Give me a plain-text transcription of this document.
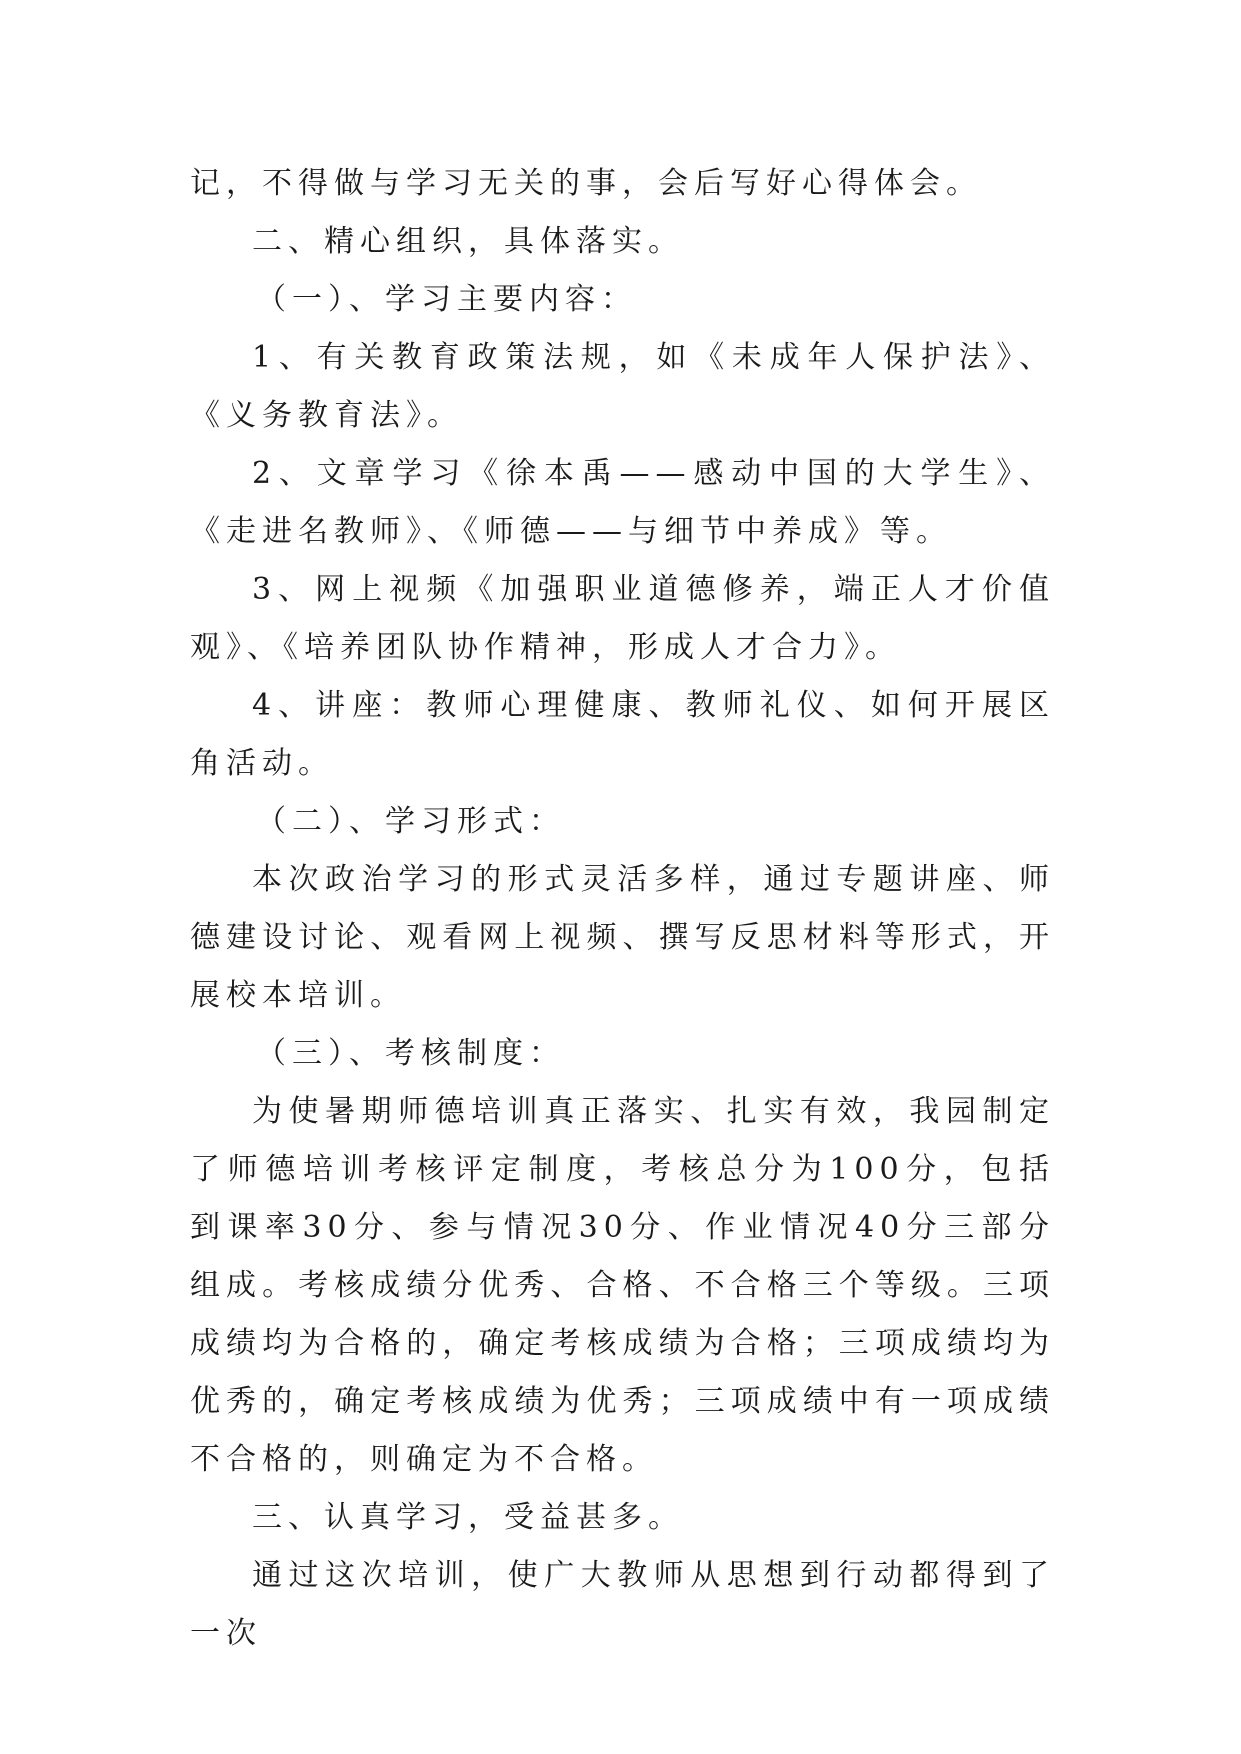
记，不得做与学习无关的事，会后写好心得体会。

二、精心组织，具体落实。

（一）、学习主要内容：

1、有关教育政策法规，如《未成年人保护法》、《义务教育法》。

2、文章学习《徐本禹——感动中国的大学生》、《走进名教师》、《师德——与细节中养成》等。

3、网上视频《加强职业道德修养，端正人才价值观》、《培养团队协作精神，形成人才合力》。

4、讲座：教师心理健康、教师礼仪、如何开展区角活动。

（二）、学习形式：

本次政治学习的形式灵活多样，通过专题讲座、师德建设讨论、观看网上视频、撰写反思材料等形式，开展校本培训。

（三）、考核制度：

为使暑期师德培训真正落实、扎实有效，我园制定了师德培训考核评定制度，考核总分为100分，包括到课率30分、参与情况30分、作业情况40分三部分组成。考核成绩分优秀、合格、不合格三个等级。三项成绩均为合格的，确定考核成绩为合格；三项成绩均为优秀的，确定考核成绩为优秀；三项成绩中有一项成绩不合格的，则确定为不合格。

三、认真学习，受益甚多。

通过这次培训，使广大教师从思想到行动都得到了一次
